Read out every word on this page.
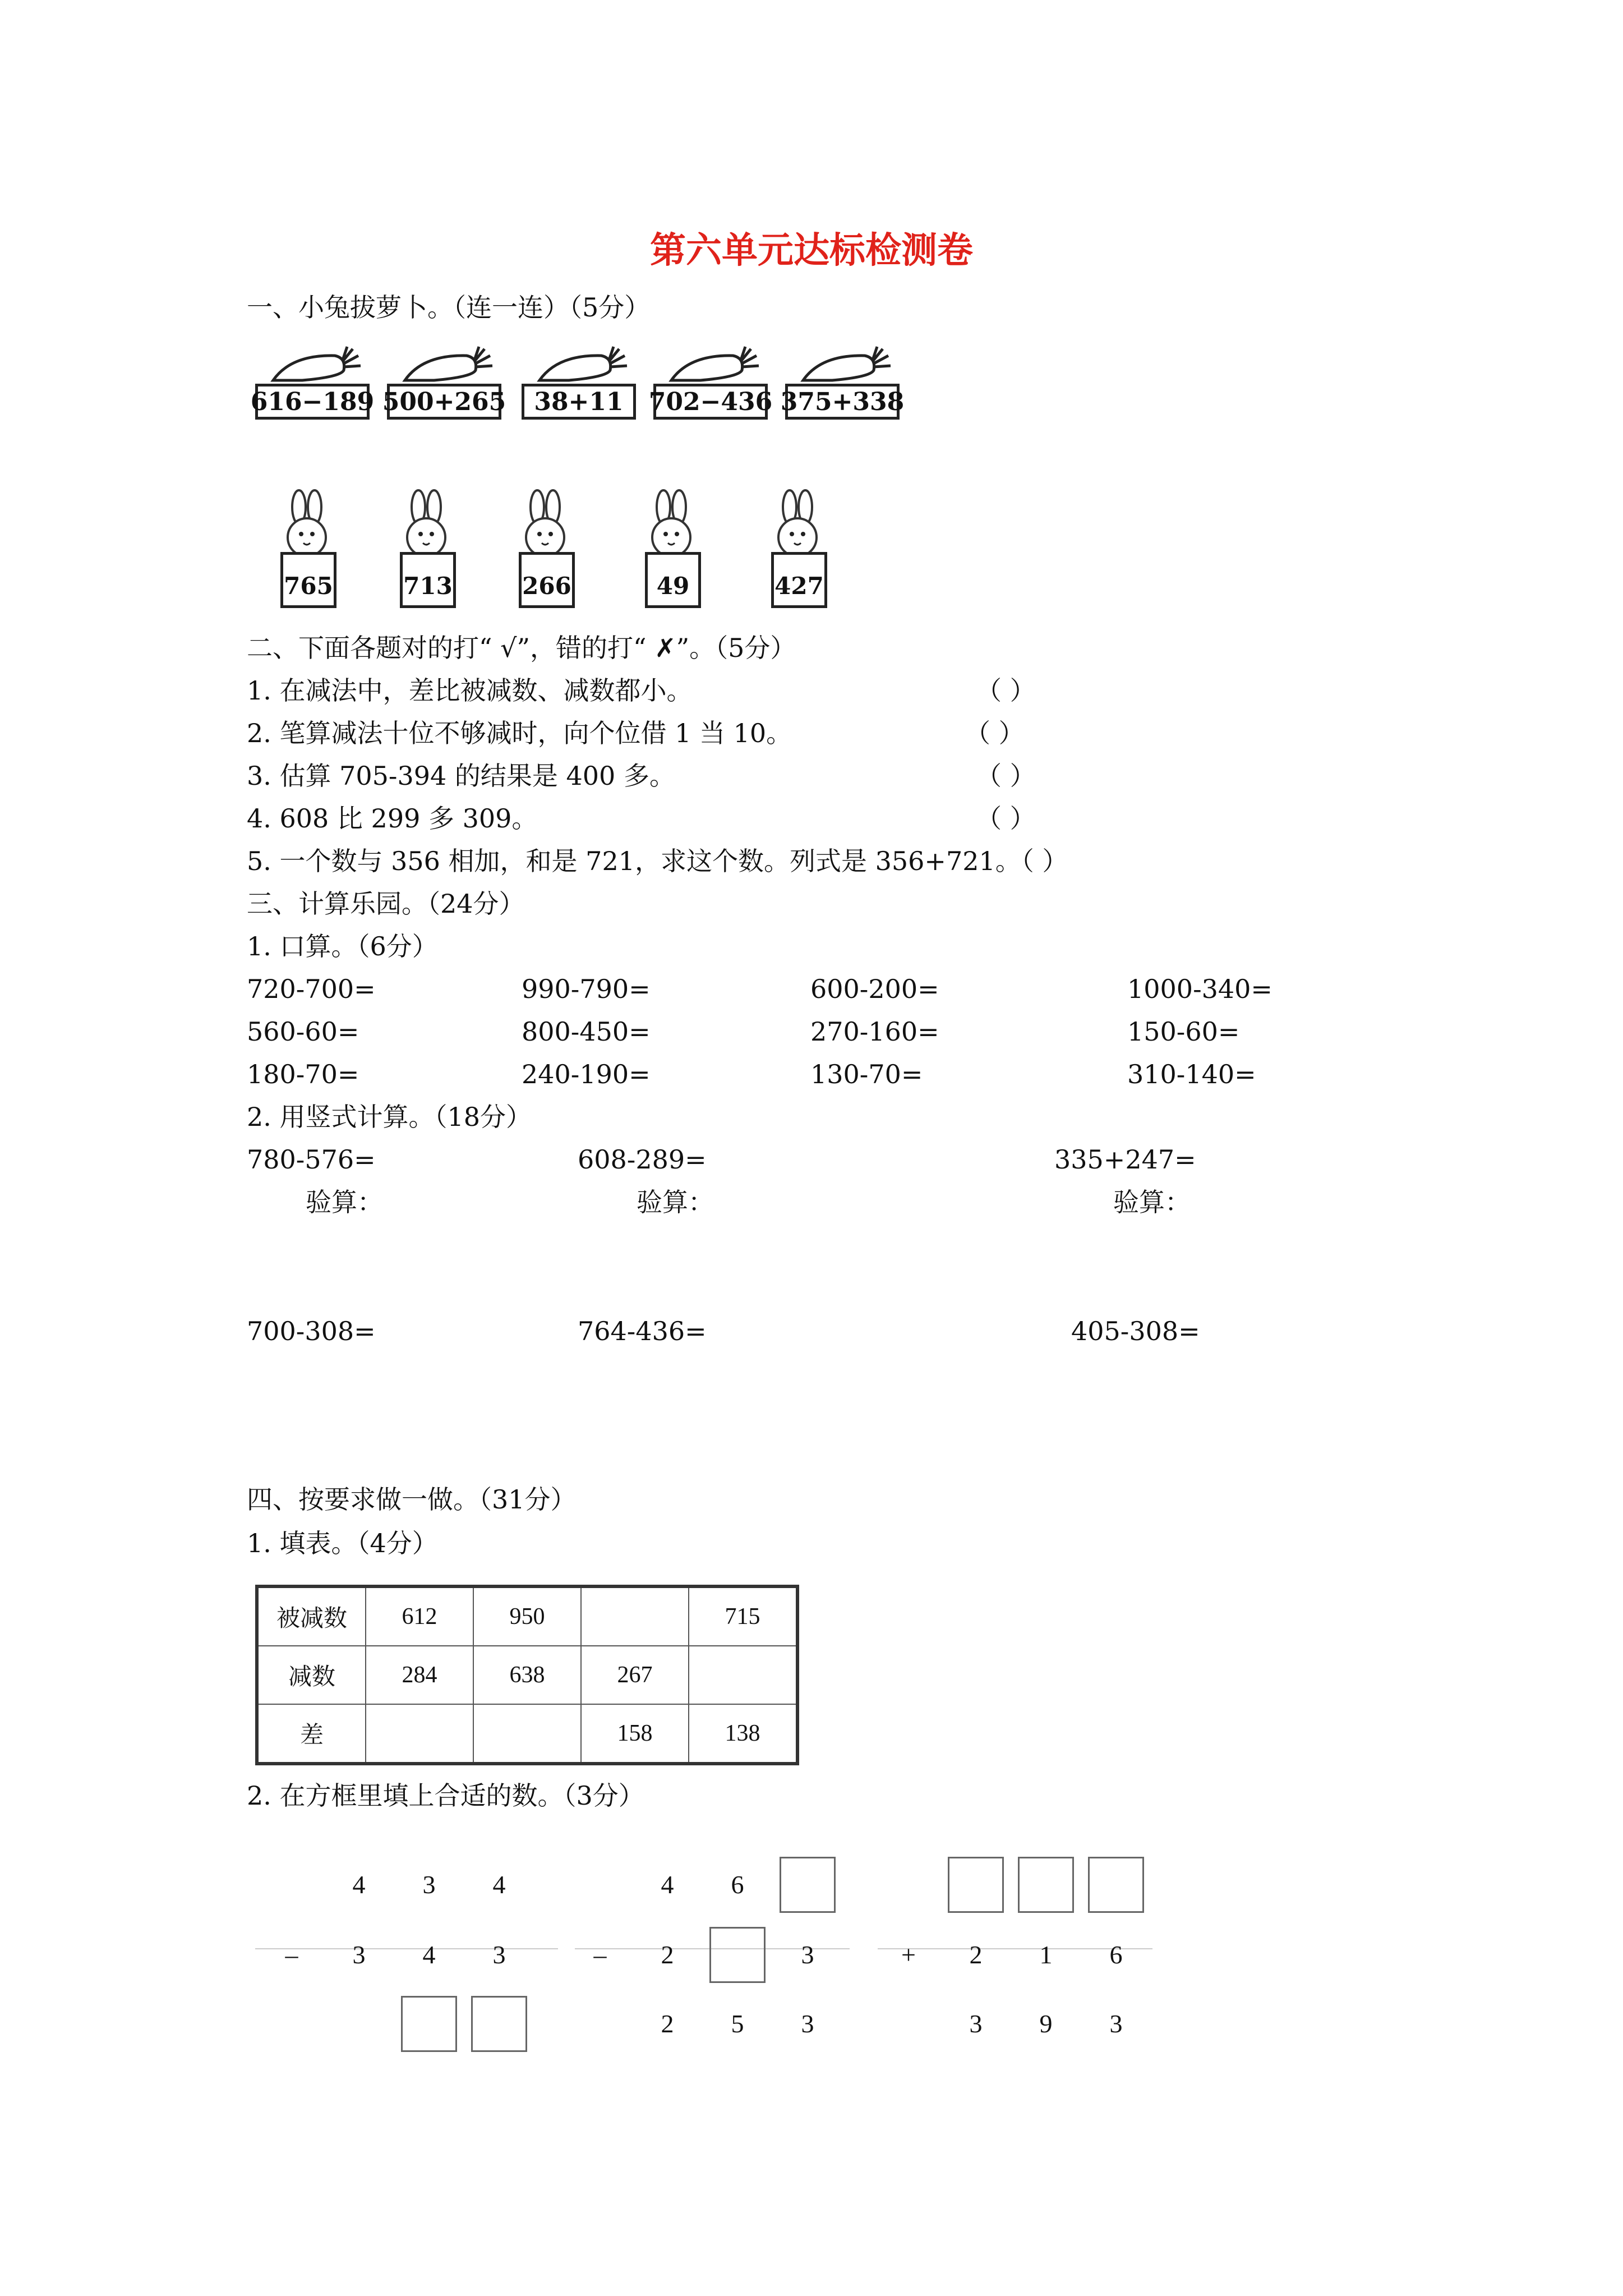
第六单元达标检测卷
一、小兔拔萝卜。（连一连）（5分）
616−189 500+265	38+11	702−436 375+338
765	713	266	49	427
二、下面各题对的打“ √”，错的打“ ✗”。（5分）
1. 在减法中，差比被减数、减数都小。	（ ）
2. 笔算减法十位不够减时，向个位借 1 当 10。	（ ）
3. 估算 705-394 的结果是 400 多。	（ ）
4. 608 比 299 多 309。	（ ）
5. 一个数与 356 相加，和是 721，求这个数。列式是 356+721。（ ）
三、计算乐园。（24分）
1. 口算。（6分）
720-700=	990-790=	600-200=	1000-340=
560-60=	800-450=	270-160=	150-60=
180-70=	240-190=	130-70=	310-140=
2. 用竖式计算。（18分）
780-576=
验算：
608-289=
验算：
335+247=
验算：
700-308=	764-436=	405-308=
四、按要求做一做。（31分）
1. 填表。（4分）
被减数	612	950		715
减数	284	638	267	
差			158	138
2. 在方框里填上合适的数。（3分）
4 3 4
– 3 4 3
4 6
– 2	3
2 5 3
+ 2 1 6
3 9 3
